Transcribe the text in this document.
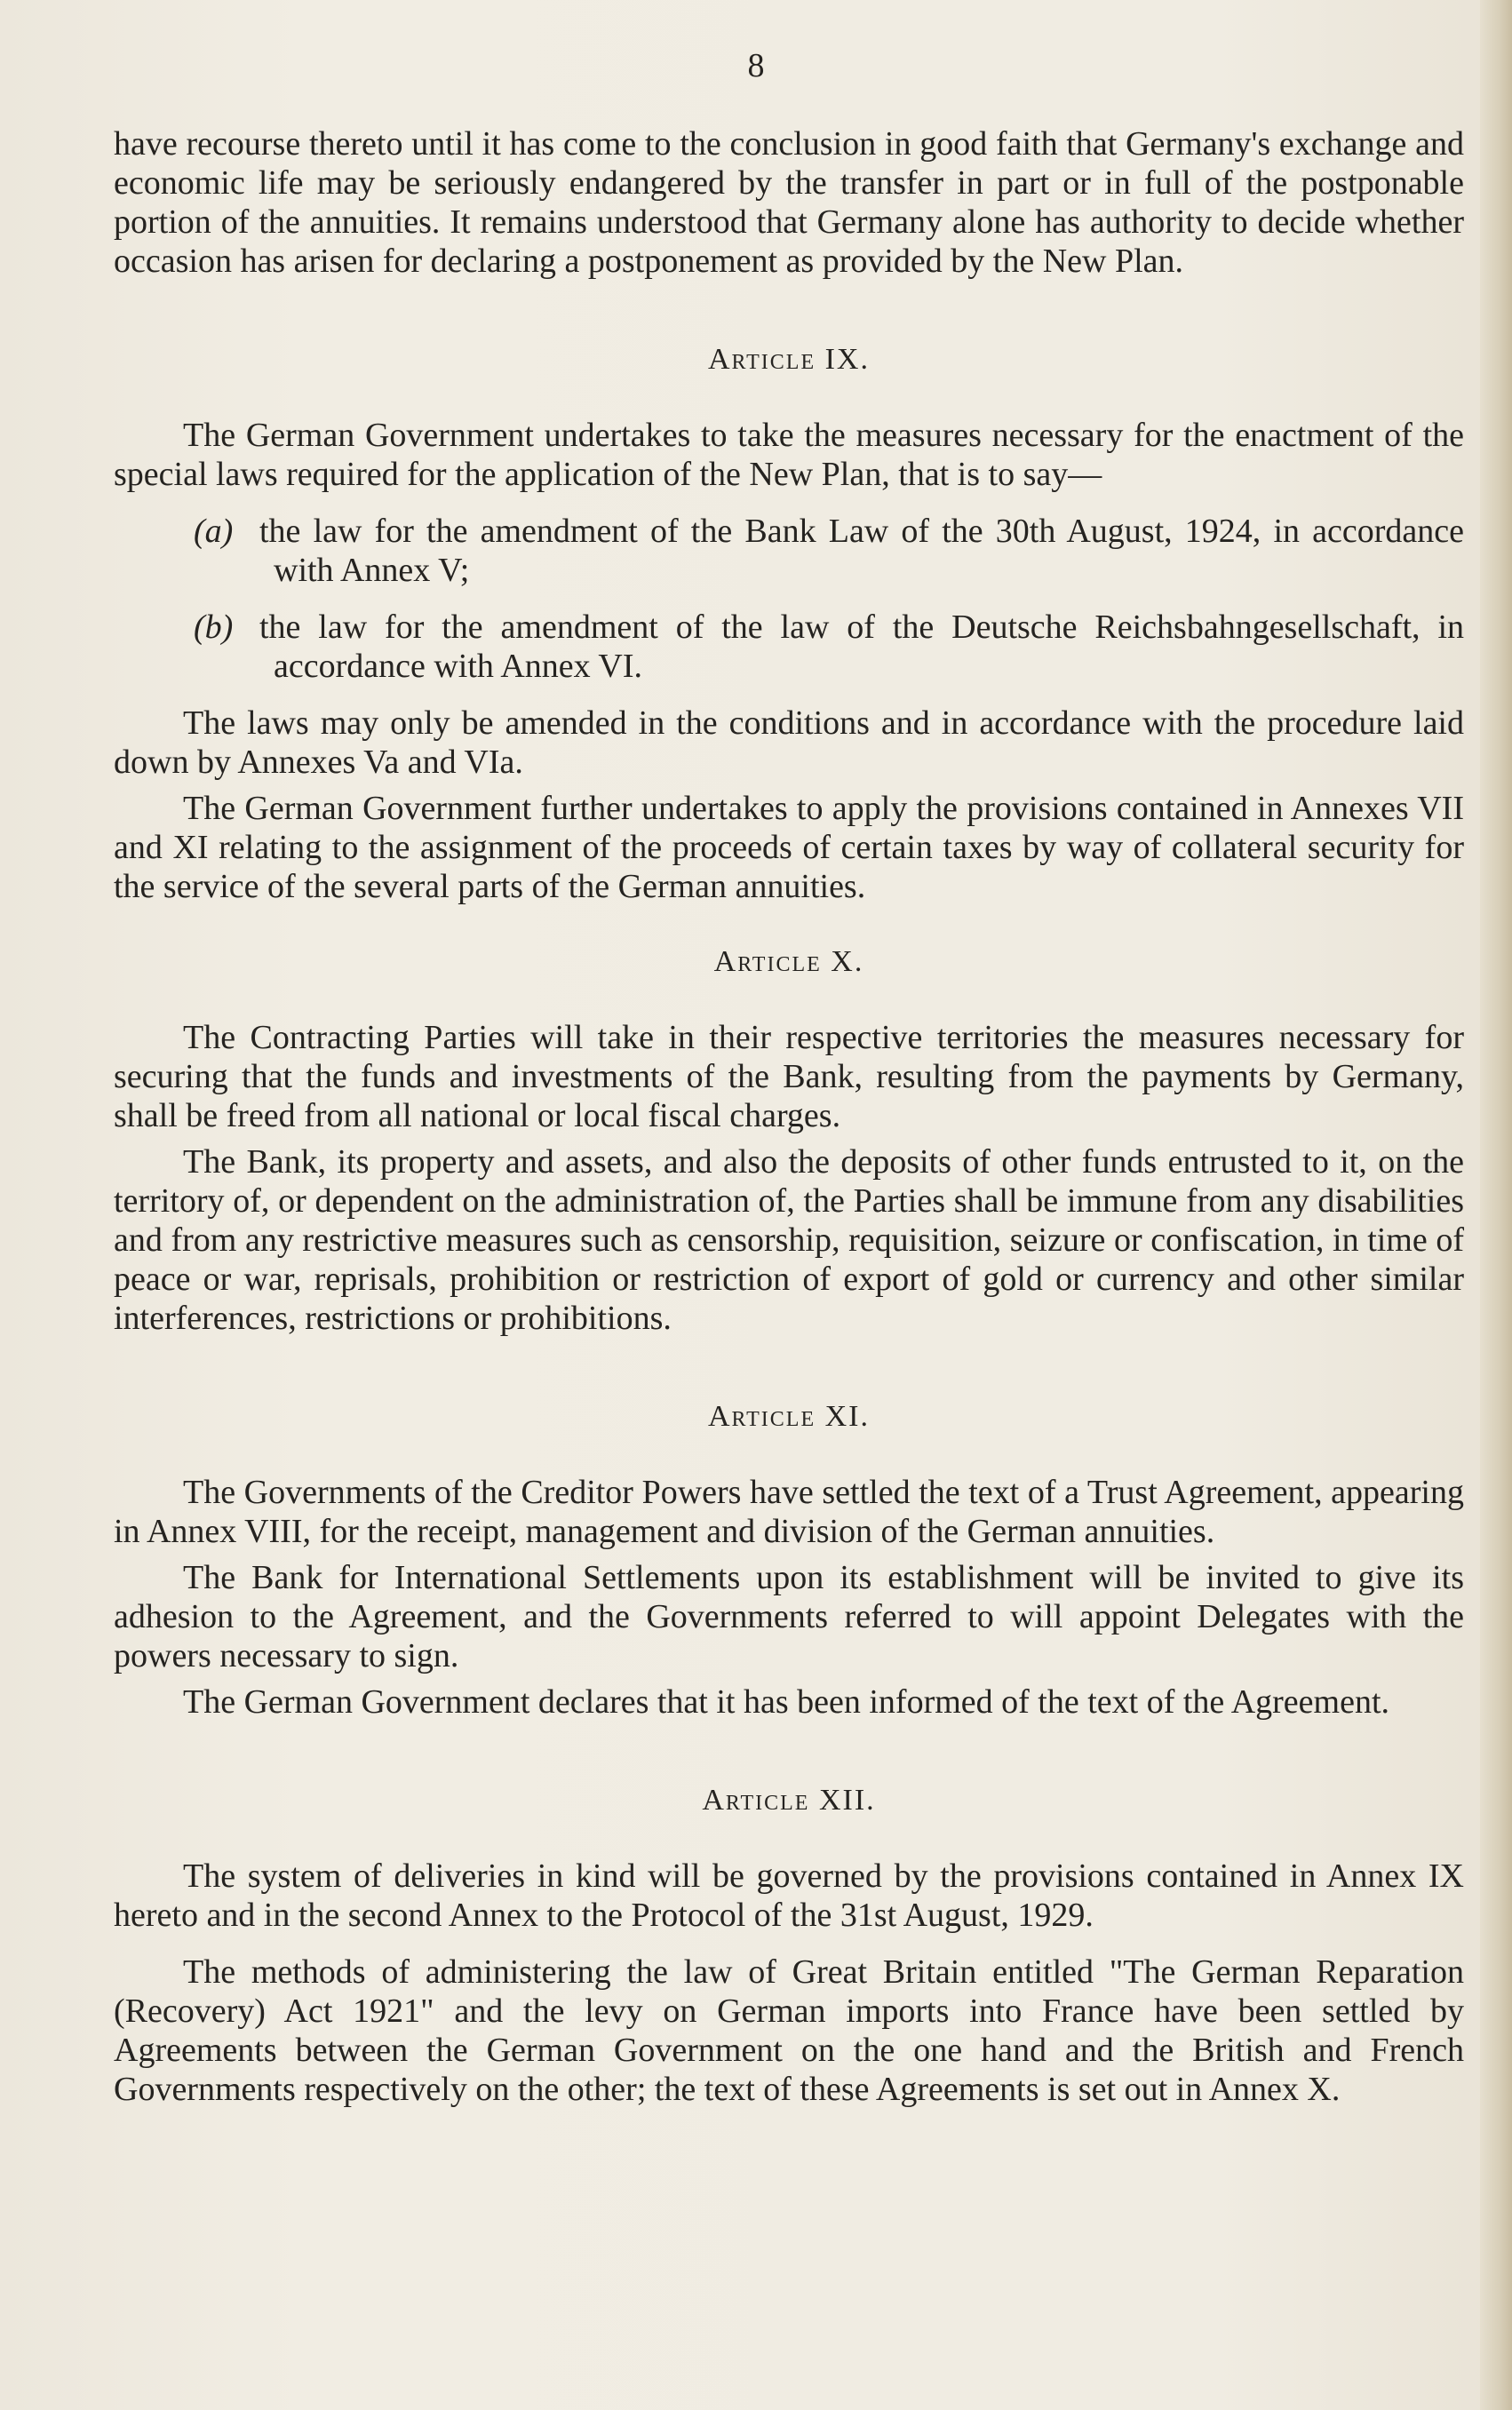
8

have recourse thereto until it has come to the conclusion in good faith that Germany's exchange and economic life may be seriously endangered by the transfer in part or in full of the postponable portion of the annuities. It remains understood that Germany alone has authority to decide whether occasion has arisen for declaring a postponement as provided by the New Plan.

Article IX.

The German Government undertakes to take the measures necessary for the enactment of the special laws required for the application of the New Plan, that is to say—

(a) the law for the amendment of the Bank Law of the 30th August, 1924, in accordance with Annex V;

(b) the law for the amendment of the law of the Deutsche Reichsbahngesellschaft, in accordance with Annex VI.

The laws may only be amended in the conditions and in accordance with the procedure laid down by Annexes Va and VIa.

The German Government further undertakes to apply the provisions contained in Annexes VII and XI relating to the assignment of the proceeds of certain taxes by way of collateral security for the service of the several parts of the German annuities.

Article X.

The Contracting Parties will take in their respective territories the measures necessary for securing that the funds and investments of the Bank, resulting from the payments by Germany, shall be freed from all national or local fiscal charges.

The Bank, its property and assets, and also the deposits of other funds entrusted to it, on the territory of, or dependent on the administration of, the Parties shall be immune from any disabilities and from any restrictive measures such as censorship, requisition, seizure or confiscation, in time of peace or war, reprisals, prohibition or restriction of export of gold or currency and other similar interferences, restrictions or prohibitions.

Article XI.

The Governments of the Creditor Powers have settled the text of a Trust Agreement, appearing in Annex VIII, for the receipt, management and division of the German annuities.

The Bank for International Settlements upon its establishment will be invited to give its adhesion to the Agreement, and the Governments referred to will appoint Delegates with the powers necessary to sign.

The German Government declares that it has been informed of the text of the Agreement.

Article XII.

The system of deliveries in kind will be governed by the provisions contained in Annex IX hereto and in the second Annex to the Protocol of the 31st August, 1929.

The methods of administering the law of Great Britain entitled "The German Reparation (Recovery) Act 1921" and the levy on German imports into France have been settled by Agreements between the German Government on the one hand and the British and French Governments respectively on the other; the text of these Agreements is set out in Annex X.
